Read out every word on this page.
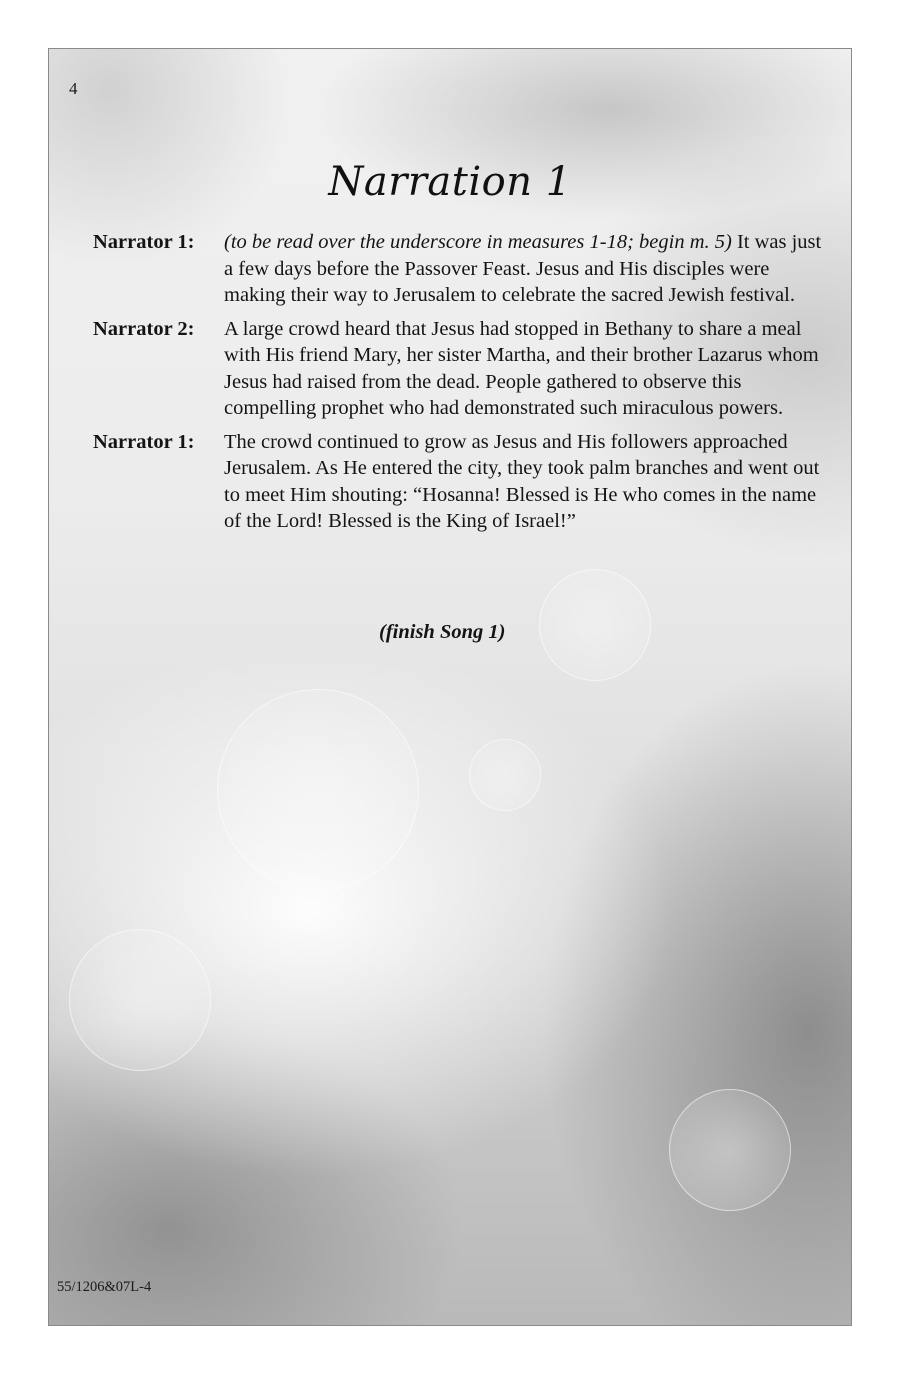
4
Narration 1
Narrator 1:	(to be read over the underscore in measures 1-18; begin m. 5) It was just a few days before the Passover Feast. Jesus and His disciples were making their way to Jerusalem to celebrate the sacred Jewish festival.
Narrator 2:	A large crowd heard that Jesus had stopped in Bethany to share a meal with His friend Mary, her sister Martha, and their brother Lazarus whom Jesus had raised from the dead. People gathered to observe this compelling prophet who had demonstrated such miraculous powers.
Narrator 1:	The crowd continued to grow as Jesus and His followers approached Jerusalem. As He entered the city, they took palm branches and went out to meet Him shouting: “Hosanna! Blessed is He who comes in the name of the Lord! Blessed is the King of Israel!”
(finish Song 1)
55/1206&07L-4
